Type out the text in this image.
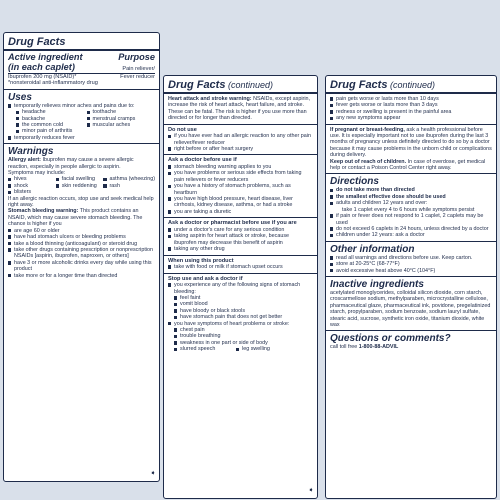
Drug Facts
Active ingredient	Purpose
(in each caplet)	Pain reliever/
Ibuprofen 200 mg (NSAID)*	Fever reducer
*nonsteroidal anti-inflammatory drug
Uses
temporarily relieves minor aches and pains due to:
headache	toothache
backache	menstrual cramps
the common cold	muscular aches
minor pain of arthritis
temporarily reduces fever
Warnings
Allergy alert: Ibuprofen may cause a severe allergic reaction, especially in people allergic to aspirin.
Symptoms may include:
hives	facial swelling	asthma (wheezing)
shock	skin reddening	rash
blisters
If an allergic reaction occurs, stop use and seek medical help right away.
Stomach bleeding warning: This product contains an NSAID, which may cause severe stomach bleeding. The chance is higher if you
are age 60 or older
have had stomach ulcers or bleeding problems
take a blood thinning (anticoagulant) or steroid drug
take other drugs containing prescription or nonprescription NSAIDs [aspirin, ibuprofen, naproxen, or others]
have 3 or more alcoholic drinks every day while using this product
take more or for a longer time than directed
➧
Drug Facts (continued)
Heart attack and stroke warning: NSAIDs, except aspirin, increase the risk of heart attack, heart failure, and stroke. These can be fatal. The risk is higher if you use more than directed or for longer than directed.
Do not use
if you have ever had an allergic reaction to any other pain reliever/fever reducer
right before or after heart surgery
Ask a doctor before use if
stomach bleeding warning applies to you
you have problems or serious side effects from taking pain relievers or fever reducers
you have a history of stomach problems, such as heartburn
you have high blood pressure, heart disease, liver cirrhosis, kidney disease, asthma, or had a stroke
you are taking a diuretic
Ask a doctor or pharmacist before use if you are
under a doctor's care for any serious condition
taking aspirin for heart attack or stroke, because ibuprofen may decrease this benefit of aspirin
taking any other drug
When using this product
take with food or milk if stomach upset occurs
Stop use and ask a doctor if
you experience any of the following signs of stomach bleeding:
feel faint
vomit blood
have bloody or black stools
have stomach pain that does not get better
you have symptoms of heart problems or stroke:
chest pain
trouble breathing
weakness in one part or side of body
slurred speech	leg swelling
➧
Drug Facts (continued)
pain gets worse or lasts more than 10 days
fever gets worse or lasts more than 3 days
redness or swelling is present in the painful area
any new symptoms appear
If pregnant or breast-feeding, ask a health professional before use. It is especially important not to use ibuprofen during the last 3 months of pregnancy unless definitely directed to do so by a doctor because it may cause problems in the unborn child or complications during delivery.
Keep out of reach of children. In case of overdose, get medical help or contact a Poison Control Center right away.
Directions
do not take more than directed
the smallest effective dose should be used
adults and children 12 years and over:
take 1 caplet every 4 to 6 hours while symptoms persist
if pain or fever does not respond to 1 caplet, 2 caplets may be used
do not exceed 6 caplets in 24 hours, unless directed by a doctor
children under 12 years: ask a doctor
Other information
read all warnings and directions before use. Keep carton.
store at 20-25°C (68-77°F)
avoid excessive heat above 40°C (104°F)
Inactive ingredients
acetylated monoglycerides, colloidal silicon dioxide, corn starch, croscarmellose sodium, methylparaben, microcrystalline cellulose, pharmaceutical glaze, pharmaceutical ink, povidone, pregelatinized starch, propylparaben, sodium benzoate, sodium lauryl sulfate, stearic acid, sucrose, synthetic iron oxide, titanium dioxide, white wax
Questions or comments?
call toll free 1-800-88-ADVIL
